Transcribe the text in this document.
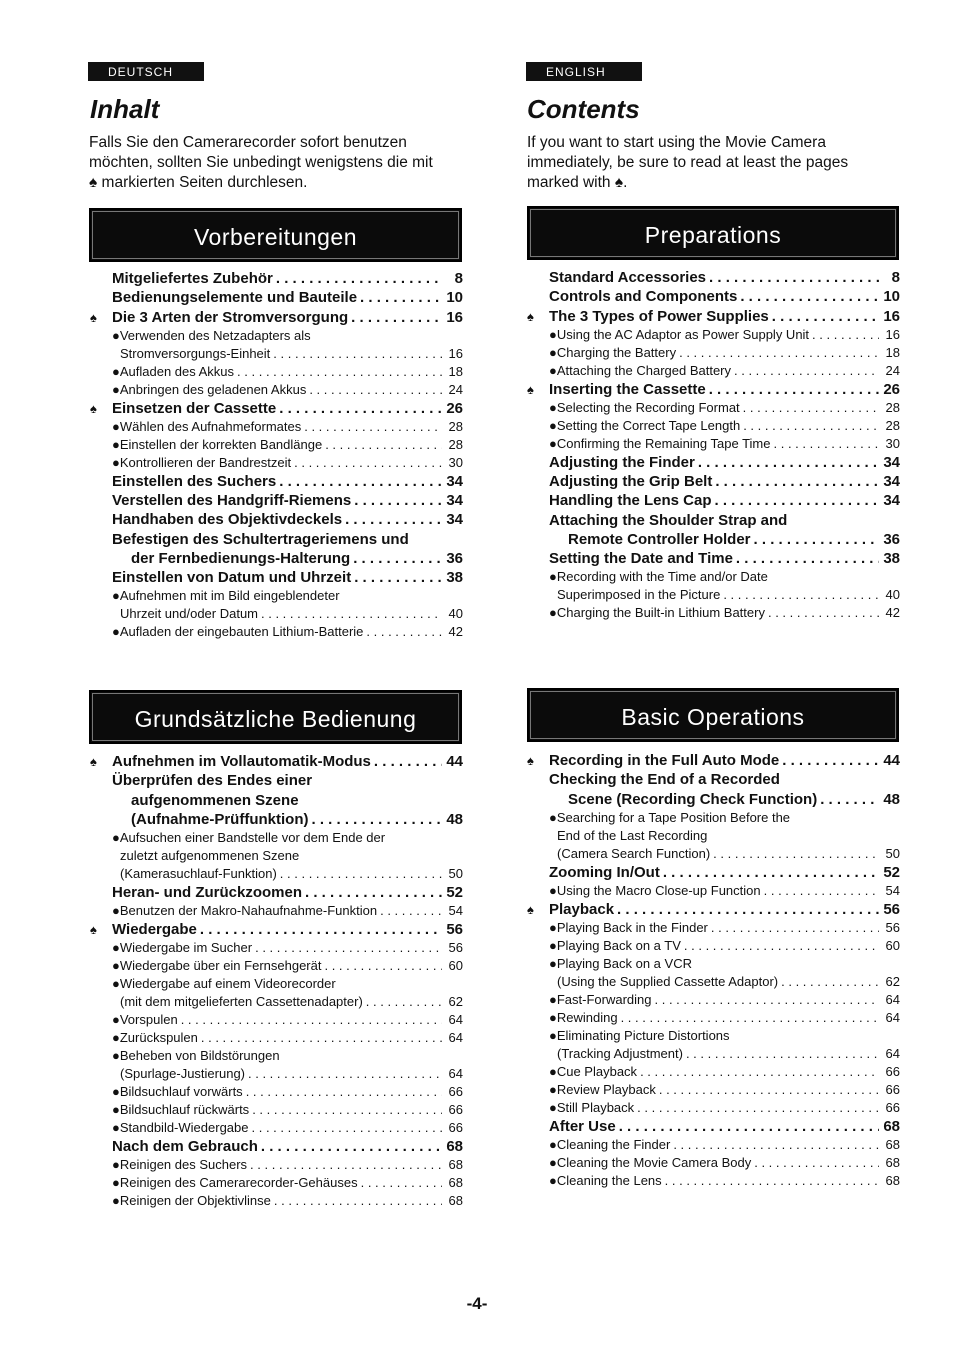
DEUTSCH
Inhalt
Falls Sie den Camerarecorder sofort benutzen
möchten, sollten Sie unbedingt wenigstens die mit
♠ markierten Seiten durchlesen.
Vorbereitungen
Mitgeliefertes Zubehör . . .	8
Bedienungselemente und Bauteile . . .	10
♠ Die 3 Arten der Stromversorgung . . .	16
●Verwenden des Netzadapters als
Stromversorgungs-Einheit . . .	16
●Aufladen des Akkus . . .	18
●Anbringen des geladenen Akkus . . .	24
♠ Einsetzen der Cassette . . .	26
●Wählen des Aufnahmeformates . . .	28
●Einstellen der korrekten Bandlänge . . .	28
●Kontrollieren der Bandrestzeit . . .	30
Einstellen des Suchers . . .	34
Verstellen des Handgriff-Riemens . . .	34
Handhaben des Objektivdeckels . . .	34
Befestigen des Schultertrageriemens und
der Fernbedienungs-Halterung . . .	36
Einstellen von Datum und Uhrzeit . . .	38
●Aufnehmen mit im Bild eingeblendeter
Uhrzeit und/oder Datum . . .	40
●Aufladen der eingebauten Lithium-Batterie . . .	42
Grundsätzliche Bedienung
♠ Aufnehmen im Vollautomatik-Modus . . .	44
Überprüfen des Endes einer
aufgenommenen Szene
(Aufnahme-Prüffunktion) . . .	48
●Aufsuchen einer Bandstelle vor dem Ende der
zuletzt aufgenommenen Szene
(Kamerasuchlauf-Funktion) . . .	50
Heran- und Zurückzoomen . . .	52
●Benutzen der Makro-Nahaufnahme-Funktion . . .	54
♠ Wiedergabe . . .	56
●Wiedergabe im Sucher . . .	56
●Wiedergabe über ein Fernsehgerät . . .	60
●Wiedergabe auf einem Videorecorder
(mit dem mitgelieferten Cassettenadapter) . . .	62
●Vorspulen . . .	64
●Zurückspulen . . .	64
●Beheben von Bildstörungen
(Spurlage-Justierung) . . .	64
●Bildsuchlauf vorwärts . . .	66
●Bildsuchlauf rückwärts . . .	66
●Standbild-Wiedergabe . . .	66
Nach dem Gebrauch . . .	68
●Reinigen des Suchers . . .	68
●Reinigen des Camerarecorder-Gehäuses . . .	68
●Reinigen der Objektivlinse . . .	68
ENGLISH
Contents
If you want to start using the Movie Camera
immediately, be sure to read at least the pages
marked with ♠.
Preparations
Standard Accessories . . .	8
Controls and Components . . .	10
♠ The 3 Types of Power Supplies . . .	16
●Using the AC Adaptor as Power Supply Unit . . .	16
●Charging the Battery . . .	18
●Attaching the Charged Battery . . .	24
♠ Inserting the Cassette . . .	26
●Selecting the Recording Format . . .	28
●Setting the Correct Tape Length . . .	28
●Confirming the Remaining Tape Time . . .	30
Adjusting the Finder . . .	34
Adjusting the Grip Belt . . .	34
Handling the Lens Cap . . .	34
Attaching the Shoulder Strap and
Remote Controller Holder . . .	36
Setting the Date and Time . . .	38
●Recording with the Time and/or Date
Superimposed in the Picture . . .	40
●Charging the Built-in Lithium Battery . . .	42
Basic Operations
♠ Recording in the Full Auto Mode . . .	44
Checking the End of a Recorded
Scene (Recording Check Function) . . .	48
●Searching for a Tape Position Before the
End of the Last Recording
(Camera Search Function) . . .	50
Zooming In/Out . . .	52
●Using the Macro Close-up Function . . .	54
♠ Playback . . .	56
●Playing Back in the Finder . . .	56
●Playing Back on a TV . . .	60
●Playing Back on a VCR
(Using the Supplied Cassette Adaptor) . . .	62
●Fast-Forwarding . . .	64
●Rewinding . . .	64
●Eliminating Picture Distortions
(Tracking Adjustment) . . .	64
●Cue Playback . . .	66
●Review Playback . . .	66
●Still Playback . . .	66
After Use . . .	68
●Cleaning the Finder . . .	68
●Cleaning the Movie Camera Body . . .	68
●Cleaning the Lens . . .	68
-4-
